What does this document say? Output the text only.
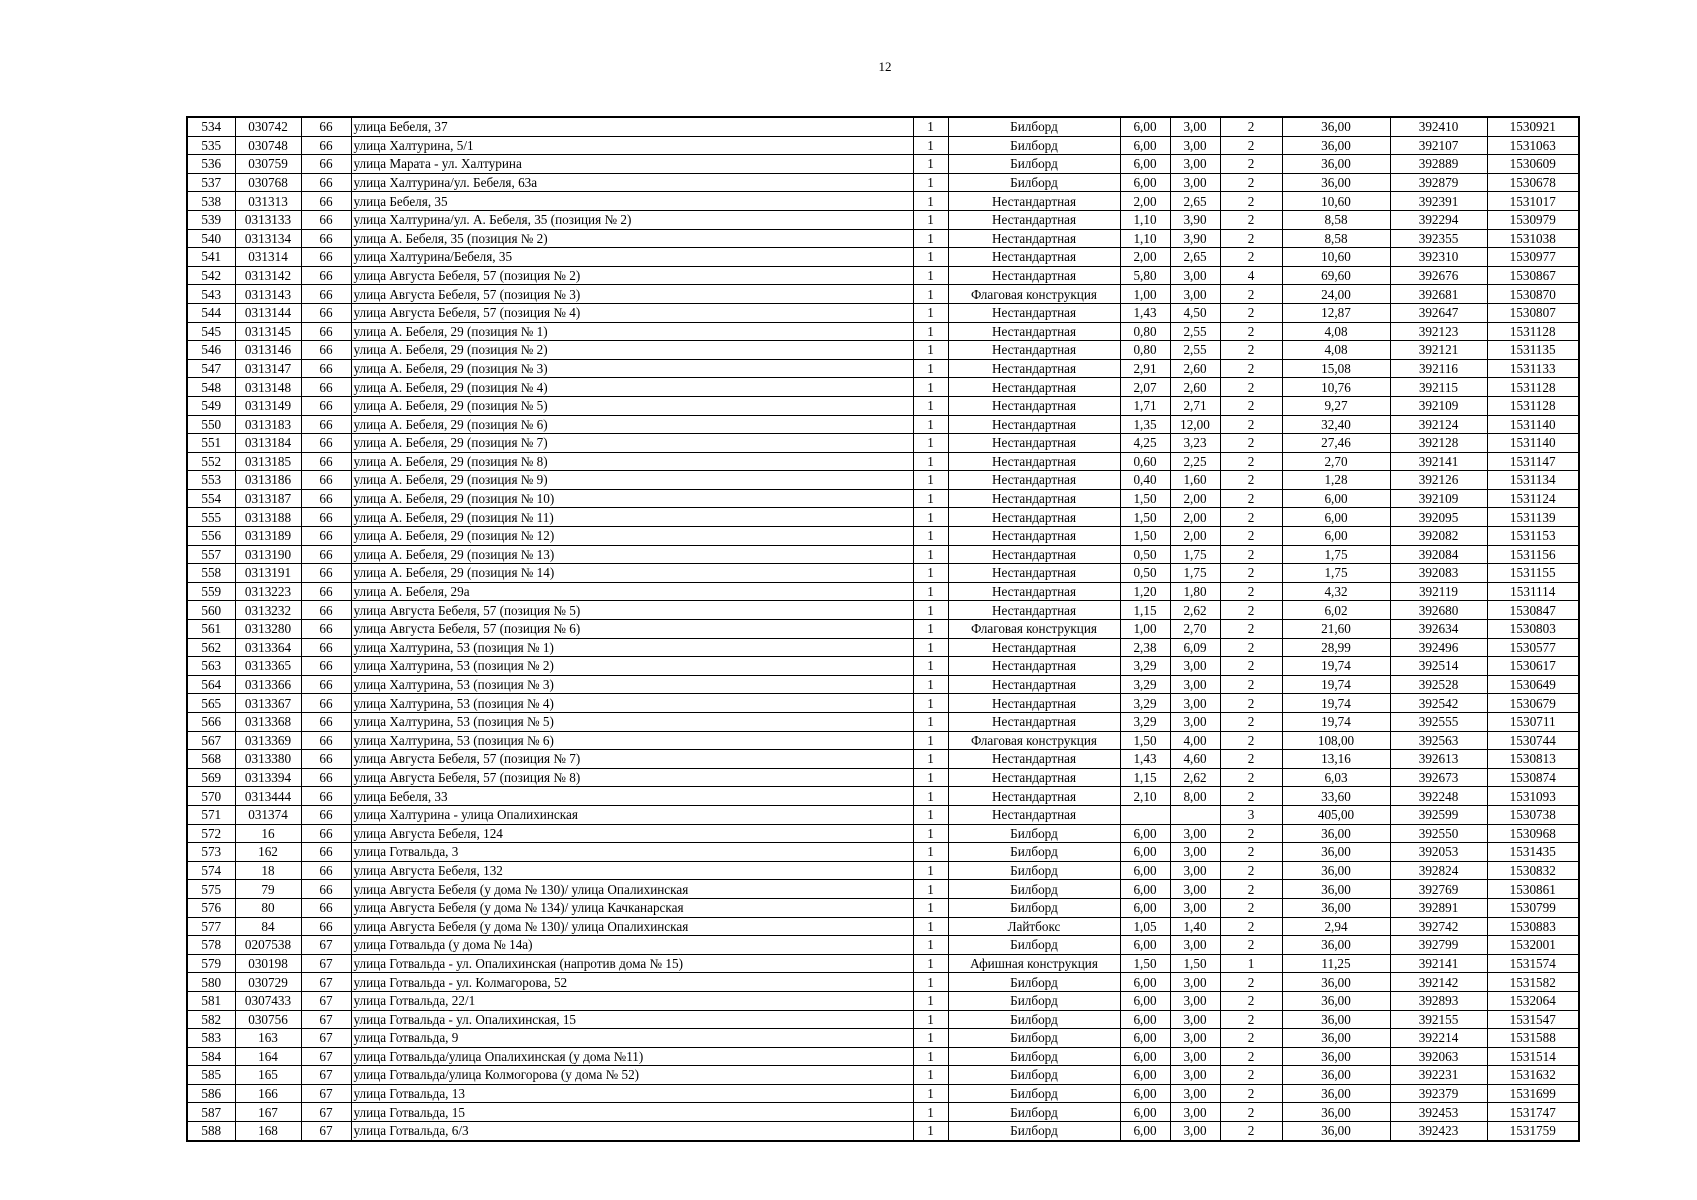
12
534	030742	66	улица Бебеля, 37	1	Билборд	6,00	3,00	2	36,00	392410	1530921
535	030748	66	улица Халтурина, 5/1	1	Билборд	6,00	3,00	2	36,00	392107	1531063
536	030759	66	улица Марата - ул. Халтурина	1	Билборд	6,00	3,00	2	36,00	392889	1530609
537	030768	66	улица Халтурина/ул. Бебеля, 63а	1	Билборд	6,00	3,00	2	36,00	392879	1530678
538	031313	66	улица Бебеля, 35	1	Нестандартная	2,00	2,65	2	10,60	392391	1531017
539	0313133	66	улица Халтурина/ул. А. Бебеля, 35 (позиция № 2)	1	Нестандартная	1,10	3,90	2	8,58	392294	1530979
540	0313134	66	улица А. Бебеля, 35 (позиция № 2)	1	Нестандартная	1,10	3,90	2	8,58	392355	1531038
541	031314	66	улица Халтурина/Бебеля, 35	1	Нестандартная	2,00	2,65	2	10,60	392310	1530977
542	0313142	66	улица Августа Бебеля, 57 (позиция № 2)	1	Нестандартная	5,80	3,00	4	69,60	392676	1530867
543	0313143	66	улица Августа Бебеля, 57 (позиция № 3)	1	Флаговая конструкция	1,00	3,00	2	24,00	392681	1530870
544	0313144	66	улица Августа Бебеля, 57 (позиция № 4)	1	Нестандартная	1,43	4,50	2	12,87	392647	1530807
545	0313145	66	улица А. Бебеля, 29 (позиция № 1)	1	Нестандартная	0,80	2,55	2	4,08	392123	1531128
546	0313146	66	улица А. Бебеля, 29 (позиция № 2)	1	Нестандартная	0,80	2,55	2	4,08	392121	1531135
547	0313147	66	улица А. Бебеля, 29 (позиция № 3)	1	Нестандартная	2,91	2,60	2	15,08	392116	1531133
548	0313148	66	улица А. Бебеля, 29 (позиция № 4)	1	Нестандартная	2,07	2,60	2	10,76	392115	1531128
549	0313149	66	улица А. Бебеля, 29 (позиция № 5)	1	Нестандартная	1,71	2,71	2	9,27	392109	1531128
550	0313183	66	улица А. Бебеля, 29 (позиция № 6)	1	Нестандартная	1,35	12,00	2	32,40	392124	1531140
551	0313184	66	улица А. Бебеля, 29 (позиция № 7)	1	Нестандартная	4,25	3,23	2	27,46	392128	1531140
552	0313185	66	улица А. Бебеля, 29 (позиция № 8)	1	Нестандартная	0,60	2,25	2	2,70	392141	1531147
553	0313186	66	улица А. Бебеля, 29 (позиция № 9)	1	Нестандартная	0,40	1,60	2	1,28	392126	1531134
554	0313187	66	улица А. Бебеля, 29 (позиция № 10)	1	Нестандартная	1,50	2,00	2	6,00	392109	1531124
555	0313188	66	улица А. Бебеля, 29 (позиция № 11)	1	Нестандартная	1,50	2,00	2	6,00	392095	1531139
556	0313189	66	улица А. Бебеля, 29 (позиция № 12)	1	Нестандартная	1,50	2,00	2	6,00	392082	1531153
557	0313190	66	улица А. Бебеля, 29 (позиция № 13)	1	Нестандартная	0,50	1,75	2	1,75	392084	1531156
558	0313191	66	улица А. Бебеля, 29 (позиция № 14)	1	Нестандартная	0,50	1,75	2	1,75	392083	1531155
559	0313223	66	улица А. Бебеля, 29а	1	Нестандартная	1,20	1,80	2	4,32	392119	1531114
560	0313232	66	улица Августа Бебеля, 57 (позиция № 5)	1	Нестандартная	1,15	2,62	2	6,02	392680	1530847
561	0313280	66	улица Августа Бебеля, 57 (позиция № 6)	1	Флаговая конструкция	1,00	2,70	2	21,60	392634	1530803
562	0313364	66	улица Халтурина, 53 (позиция № 1)	1	Нестандартная	2,38	6,09	2	28,99	392496	1530577
563	0313365	66	улица Халтурина, 53 (позиция № 2)	1	Нестандартная	3,29	3,00	2	19,74	392514	1530617
564	0313366	66	улица Халтурина, 53 (позиция № 3)	1	Нестандартная	3,29	3,00	2	19,74	392528	1530649
565	0313367	66	улица Халтурина, 53 (позиция № 4)	1	Нестандартная	3,29	3,00	2	19,74	392542	1530679
566	0313368	66	улица Халтурина, 53 (позиция № 5)	1	Нестандартная	3,29	3,00	2	19,74	392555	1530711
567	0313369	66	улица Халтурина, 53 (позиция № 6)	1	Флаговая конструкция	1,50	4,00	2	108,00	392563	1530744
568	0313380	66	улица Августа Бебеля, 57 (позиция № 7)	1	Нестандартная	1,43	4,60	2	13,16	392613	1530813
569	0313394	66	улица Августа Бебеля, 57 (позиция № 8)	1	Нестандартная	1,15	2,62	2	6,03	392673	1530874
570	0313444	66	улица Бебеля, 33	1	Нестандартная	2,10	8,00	2	33,60	392248	1531093
571	031374	66	улица Халтурина - улица Опалихинская	1	Нестандартная			3	405,00	392599	1530738
572	16	66	улица Августа Бебеля, 124	1	Билборд	6,00	3,00	2	36,00	392550	1530968
573	162	66	улица Готвальда, 3	1	Билборд	6,00	3,00	2	36,00	392053	1531435
574	18	66	улица Августа Бебеля, 132	1	Билборд	6,00	3,00	2	36,00	392824	1530832
575	79	66	улица Августа Бебеля (у дома № 130)/ улица Опалихинская	1	Билборд	6,00	3,00	2	36,00	392769	1530861
576	80	66	улица Августа Бебеля (у дома № 134)/ улица Качканарская	1	Билборд	6,00	3,00	2	36,00	392891	1530799
577	84	66	улица Августа Бебеля (у дома № 130)/ улица Опалихинская	1	Лайтбокс	1,05	1,40	2	2,94	392742	1530883
578	0207538	67	улица Готвальда (у дома № 14а)	1	Билборд	6,00	3,00	2	36,00	392799	1532001
579	030198	67	улица Готвальда - ул. Опалихинская (напротив дома № 15)	1	Афишная конструкция	1,50	1,50	1	11,25	392141	1531574
580	030729	67	улица Готвальда - ул. Колмагорова, 52	1	Билборд	6,00	3,00	2	36,00	392142	1531582
581	0307433	67	улица Готвальда, 22/1	1	Билборд	6,00	3,00	2	36,00	392893	1532064
582	030756	67	улица Готвальда - ул. Опалихинская, 15	1	Билборд	6,00	3,00	2	36,00	392155	1531547
583	163	67	улица Готвальда, 9	1	Билборд	6,00	3,00	2	36,00	392214	1531588
584	164	67	улица Готвальда/улица Опалихинская (у дома №11)	1	Билборд	6,00	3,00	2	36,00	392063	1531514
585	165	67	улица Готвальда/улица Колмогорова (у дома № 52)	1	Билборд	6,00	3,00	2	36,00	392231	1531632
586	166	67	улица Готвальда, 13	1	Билборд	6,00	3,00	2	36,00	392379	1531699
587	167	67	улица Готвальда, 15	1	Билборд	6,00	3,00	2	36,00	392453	1531747
588	168	67	улица Готвальда, 6/3	1	Билборд	6,00	3,00	2	36,00	392423	1531759
